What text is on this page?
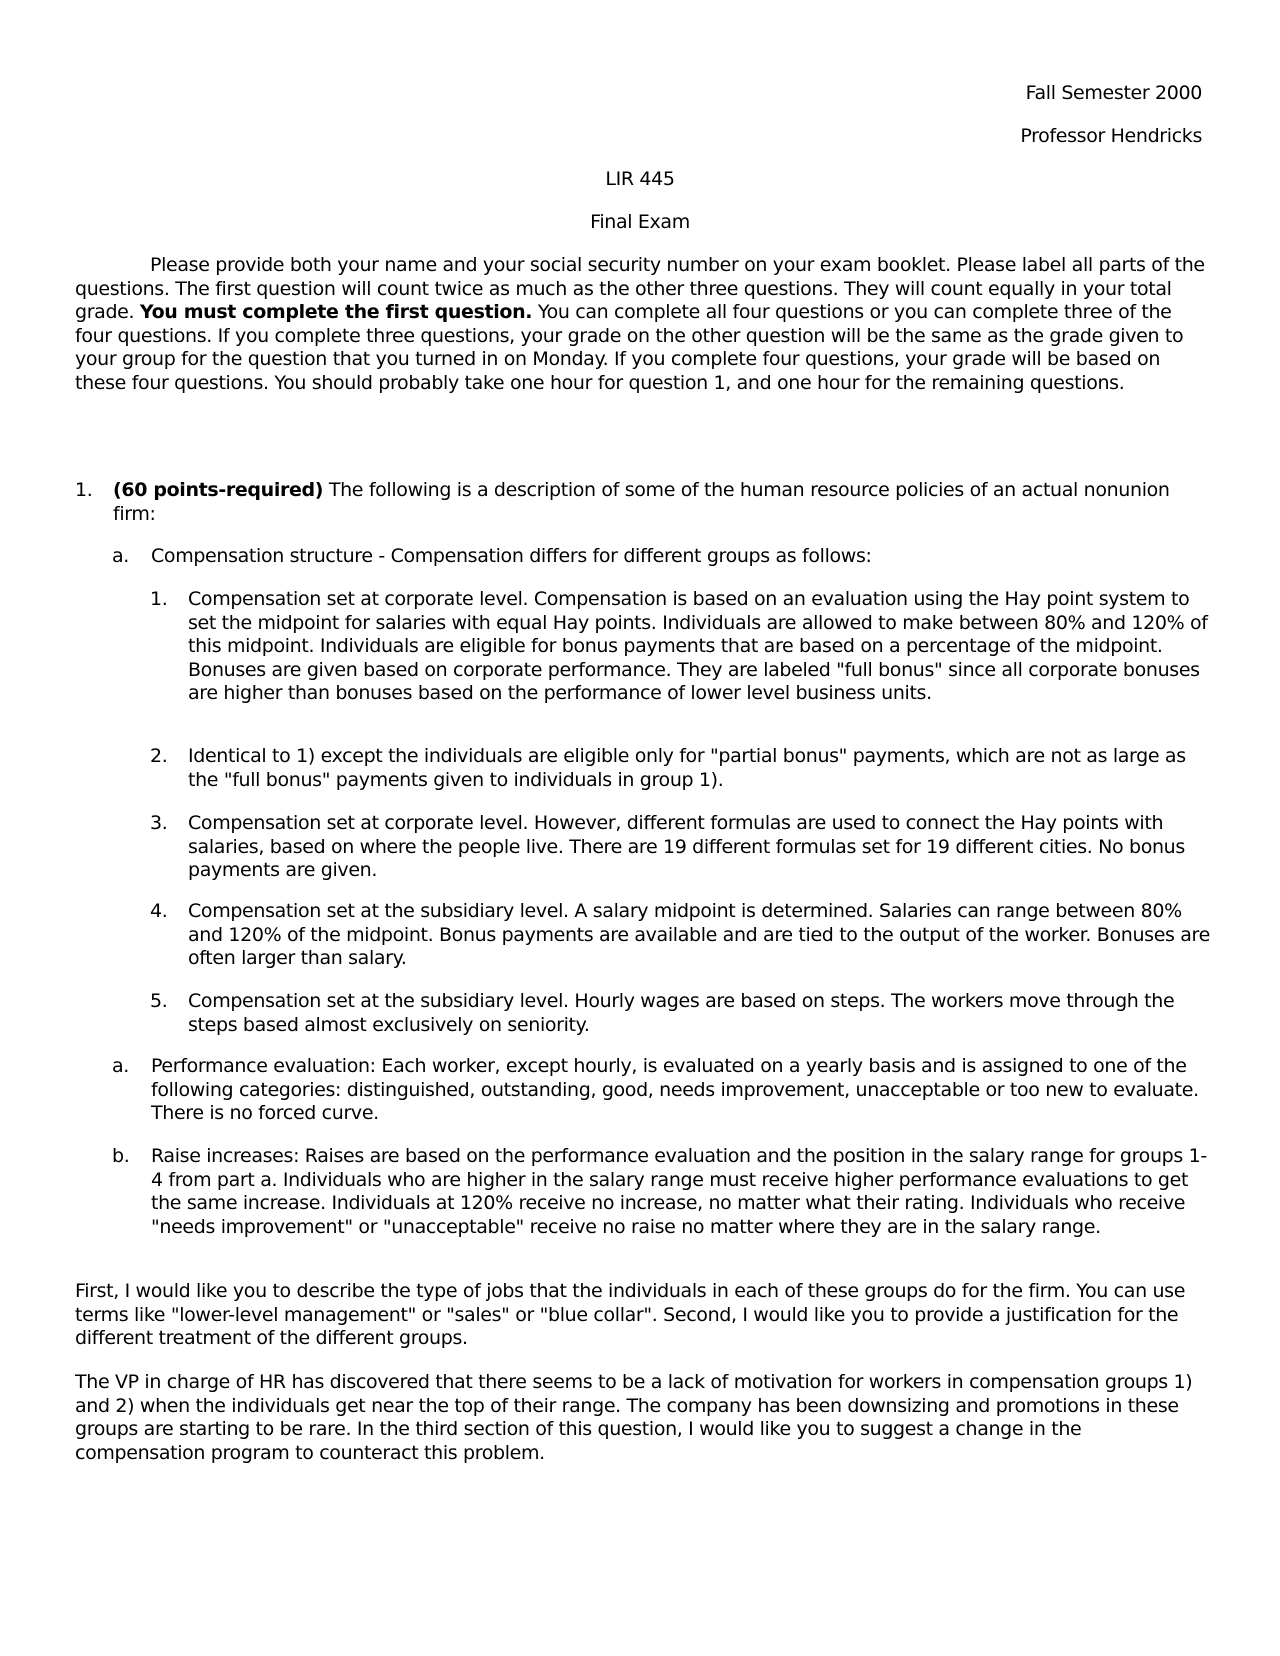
Fall Semester 2000
Professor Hendricks
LIR 445
Final Exam
Please provide both your name and your social security number on your exam booklet. Please label all parts of the questions. The first question will count twice as much as the other three questions. They will count equally in your total grade. You must complete the first question. You can complete all four questions or you can complete three of the four questions. If you complete three questions, your grade on the other question will be the same as the grade given to your group for the question that you turned in on Monday. If you complete four questions, your grade will be based on these four questions. You should probably take one hour for question 1, and one hour for the remaining questions.
1. (60 points-required) The following is a description of some of the human resource policies of an actual nonunion firm:
a. Compensation structure - Compensation differs for different groups as follows:
1. Compensation set at corporate level. Compensation is based on an evaluation using the Hay point system to set the midpoint for salaries with equal Hay points. Individuals are allowed to make between 80% and 120% of this midpoint. Individuals are eligible for bonus payments that are based on a percentage of the midpoint. Bonuses are given based on corporate performance. They are labeled "full bonus" since all corporate bonuses are higher than bonuses based on the performance of lower level business units.
2. Identical to 1) except the individuals are eligible only for "partial bonus" payments, which are not as large as the "full bonus" payments given to individuals in group 1).
3. Compensation set at corporate level. However, different formulas are used to connect the Hay points with salaries, based on where the people live. There are 19 different formulas set for 19 different cities. No bonus payments are given.
4. Compensation set at the subsidiary level. A salary midpoint is determined. Salaries can range between 80% and 120% of the midpoint. Bonus payments are available and are tied to the output of the worker. Bonuses are often larger than salary.
5. Compensation set at the subsidiary level. Hourly wages are based on steps. The workers move through the steps based almost exclusively on seniority.
a. Performance evaluation: Each worker, except hourly, is evaluated on a yearly basis and is assigned to one of the following categories: distinguished, outstanding, good, needs improvement, unacceptable or too new to evaluate. There is no forced curve.
b. Raise increases: Raises are based on the performance evaluation and the position in the salary range for groups 1-4 from part a. Individuals who are higher in the salary range must receive higher performance evaluations to get the same increase. Individuals at 120% receive no increase, no matter what their rating. Individuals who receive "needs improvement" or "unacceptable" receive no raise no matter where they are in the salary range.
First, I would like you to describe the type of jobs that the individuals in each of these groups do for the firm. You can use terms like "lower-level management" or "sales" or "blue collar". Second, I would like you to provide a justification for the different treatment of the different groups.
The VP in charge of HR has discovered that there seems to be a lack of motivation for workers in compensation groups 1) and 2) when the individuals get near the top of their range. The company has been downsizing and promotions in these groups are starting to be rare. In the third section of this question, I would like you to suggest a change in the compensation program to counteract this problem.
